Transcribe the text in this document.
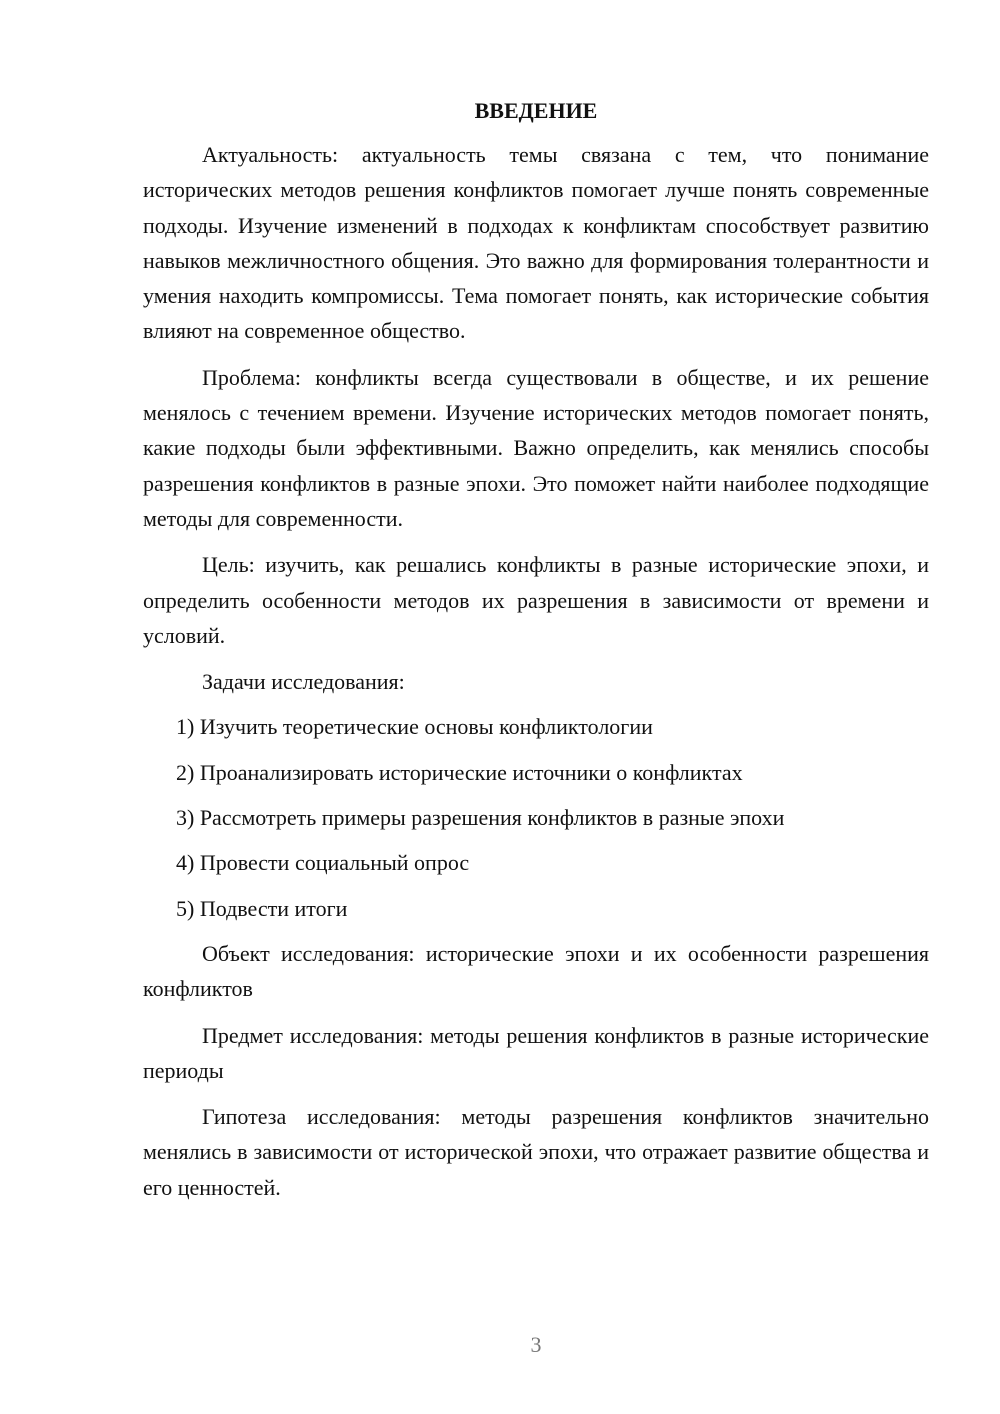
ВВЕДЕНИЕ

Актуальность: актуальность темы связана с тем, что понимание исторических методов решения конфликтов помогает лучше понять современные подходы. Изучение изменений в подходах к конфликтам способствует развитию навыков межличностного общения. Это важно для формирования толерантности и умения находить компромиссы. Тема помогает понять, как исторические события влияют на современное общество.

Проблема: конфликты всегда существовали в обществе, и их решение менялось с течением времени. Изучение исторических методов помогает понять, какие подходы были эффективными. Важно определить, как менялись способы разрешения конфликтов в разные эпохи. Это поможет найти наиболее подходящие методы для современности.

Цель: изучить, как решались конфликты в разные исторические эпохи, и определить особенности методов их разрешения в зависимости от времени и условий.

Задачи исследования:

1) Изучить теоретические основы конфликтологии

2) Проанализировать исторические источники о конфликтах

3) Рассмотреть примеры разрешения конфликтов в разные эпохи

4) Провести социальный опрос

5) Подвести итоги

Объект исследования: исторические эпохи и их особенности разрешения конфликтов

Предмет исследования: методы решения конфликтов в разные исторические периоды

Гипотеза исследования: методы разрешения конфликтов значительно менялись в зависимости от исторической эпохи, что отражает развитие общества и его ценностей.

3
